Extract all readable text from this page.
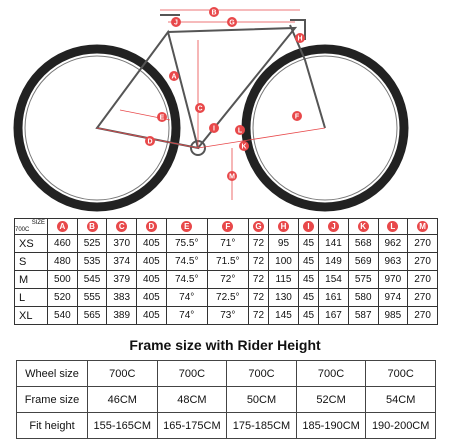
A
B
C
D
E	F
G
H
I
J
K
L
M
SIZE
700C	A	B	C	D	E	F	G	H	I	J	K	L	M
XS	460	525	370	405	75.5°	71°	72	95	45	141	568	962	270
S	480	535	374	405	74.5°	71.5°	72	100	45	149	569	963	270
M	500	545	379	405	74.5°	72°	72	115	45	154	575	970	270
L	520	555	383	405	74°	72.5°	72	130	45	161	580	974	270
XL	540	565	389	405	74°	73°	72	145	45	167	587	985	270
Frame size with Rider Height
Wheel size	700C	700C	700C	700C	700C
Frame size	46CM	48CM	50CM	52CM	54CM
Fit height	155-165CM	165-175CM	175-185CM	185-190CM	190-200CM
